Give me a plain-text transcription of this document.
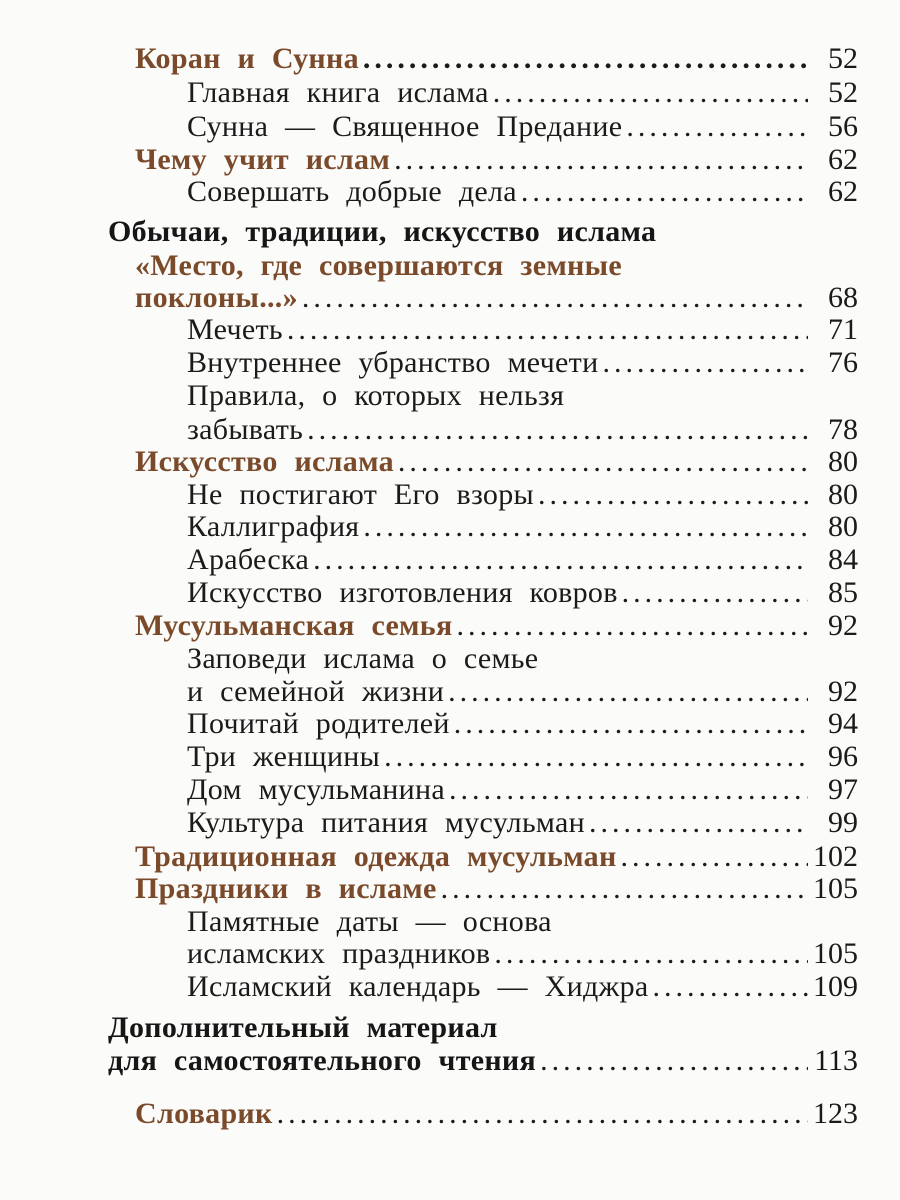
Коран и Сунна .....	52
Главная книга ислама .....	52
Сунна — Священное Предание .....	56
Чему учит ислам .....	62
Совершать добрые дела .....	62
Обычаи, традиции, искусство ислама
«Место, где совершаются земные
поклоны...» .....	68
Мечеть .....	71
Внутреннее убранство мечети .....	76
Правила, о которых нельзя
забывать .....	78
Искусство ислама .....	80
Не постигают Его взоры .....	80
Каллиграфия .....	80
Арабеска .....	84
Искусство изготовления ковров .....	85
Мусульманская семья .....	92
Заповеди ислама о семье
и семейной жизни .....	92
Почитай родителей .....	94
Три женщины .....	96
Дом мусульманина .....	97
Культура питания мусульман .....	99
Традиционная одежда мусульман .....	102
Праздники в исламе .....	105
Памятные даты — основа
исламских праздников .....	105
Исламский календарь — Хиджра .....	109
Дополнительный материал
для самостоятельного чтения .....	113
Словарик .....	123
